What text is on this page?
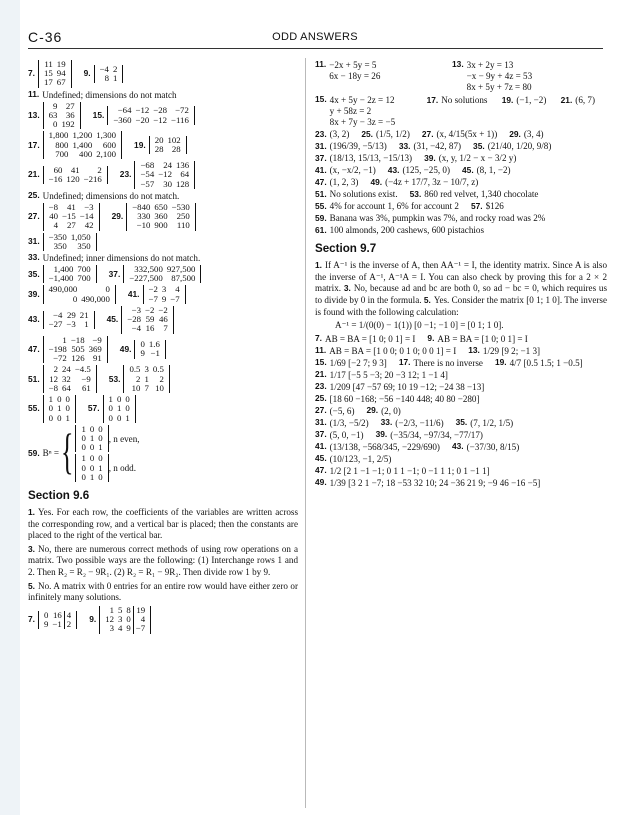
C-36	ODD ANSWERS
7.
11	19
15	94
17	67
9. −4	2
8	1
11. Undefined; dimensions do not match
13.
9	27
63	36
0	192
15. −64	−12	−28	−72
−360	−20	−12	−116
17.
1,800	1,200	1,300
800	1,400	600
700	400	2,100
19. 20	102
28	28
21. 60	41	2
−16	120	−216 23.
−68	24	136
−54	−12	64
−57	30	128
25. Undefined; dimensions do not match.
27.
−8	41	−3
40	−15	−14
4	27	42
29.
−840	650	−530
330	360	250
−10	900	110
31. −350	1,050
350	350
33. Undefined; inner dimensions do not match.
35. 1,400	700
−1,400	700 37. 332,500	927,500
−227,500	87,500
39. 490,000	0
0	490,000 41. −2	3	4
−7	9	−7
43. −4	29	21
−27	−3	1 45.
−3	−2	−2
−28	59	46
−4	16	7
47.
1	−18	−9
−198	505	369
−72	126	91
49. 0	1.6
9	−1
51.
2	24	−4.5
12	32	−9
−8	64	61
53.
0.5	3	0.5
2	1	2
10	7	10
55.
1	0	0
0	1	0
0	0	1
57.
1	0	0
0	1	0
0	0	1
59. Bⁿ = { 1	0	0
0	1	0
0	0	1
, n even,
1	0	0
0	0	1
0	1	0
, n odd.
Section 9.6
1. Yes. For each row, the coefficients of the variables are written across the corresponding row, and a vertical bar is placed; then the constants are placed to the right of the vertical bar.
3. No, there are numerous correct methods of using row operations on a matrix. Two possible ways are the following: (1) Interchange rows 1 and 2. Then R₂ = R₂ − 9R₁. (2) R₂ = R₁ − 9R₂. Then divide row 1 by 9.
5. No. A matrix with 0 entries for an entire row would have either zero or infinitely many solutions.
7. 0	16	4
9	−1	2 9.
1	5	8	19
12	3	0	4
3	4	9	−7
11. −2x + 5y = 5
6x − 18y = 26
13. 3x + 2y = 13
−x − 9y + 4z = 53
8x + 5y + 7z = 80
15. 4x + 5y − 2z = 12
y + 58z = 2
8x + 7y − 3z = −5
17. No solutions
19. (−1, −2)
21. (6, 7)
23. (3, 2) 25. (1/5, 1/2) 27. (x, 4/15(5x + 1)) 29. (3, 4)
31. (196/39, −5/13) 33. (31, −42, 87) 35. (21/40, 1/20, 9/8)
37. (18/13, 15/13, −15/13) 39. (x, y, 1/2 − x − 3/2 y)
41. (x, −x/2, −1) 43. (125, −25, 0) 45. (8, 1, −2)
47. (1, 2, 3) 49. (−4z + 17/7, 3z − 10/7, z)
51. No solutions exist. 53. 860 red velvet, 1,340 chocolate
55. 4% for account 1, 6% for account 2 57. $126
59. Banana was 3%, pumpkin was 7%, and rocky road was 2%
61. 100 almonds, 200 cashews, 600 pistachios
Section 9.7
1. If A⁻¹ is the inverse of A, then AA⁻¹ = I, the identity matrix. Since A is also the inverse of A⁻¹, A⁻¹A = I. You can also check by proving this for a 2 × 2 matrix. 3. No, because ad and bc are both 0, so ad − bc = 0, which requires us to divide by 0 in the formula. 5. Yes. Consider the matrix [0 1; 1 0]. The inverse is found with the following calculation:
A⁻¹ = 1/(0(0) − 1(1)) [0 −1; −1 0] = [0 1; 1 0].
7. AB = BA = [1 0; 0 1] = I 9. AB = BA = [1 0; 0 1] = I
11. AB = BA = [1 0 0; 0 1 0; 0 0 1] = I 13. 1/29 [9 2; −1 3]
15. 1/69 [−2 7; 9 3] 17. There is no inverse 19. 4/7 [0.5 1.5; 1 −0.5]
21. 1/17 [−5 5 −3; 20 −3 12; 1 −1 4]
23. 1/209 [47 −57 69; 10 19 −12; −24 38 −13]
25. [18 60 −168; −56 −140 448; 40 80 −280]
27. (−5, 6) 29. (2, 0)
31. (1/3, −5/2) 33. (−2/3, −11/6) 35. (7, 1/2, 1/5)
37. (5, 0, −1) 39. (−35/34, −97/34, −77/17)
41. (13/138, −568/345, −229/690) 43. (−37/30, 8/15)
45. (10/123, −1, 2/5)
47. 1/2 [2 1 −1 −1; 0 1 1 −1; 0 −1 1 1; 0 1 −1 1]
49. 1/39 [3 2 1 −7; 18 −53 32 10; 24 −36 21 9; −9 46 −16 −5]
